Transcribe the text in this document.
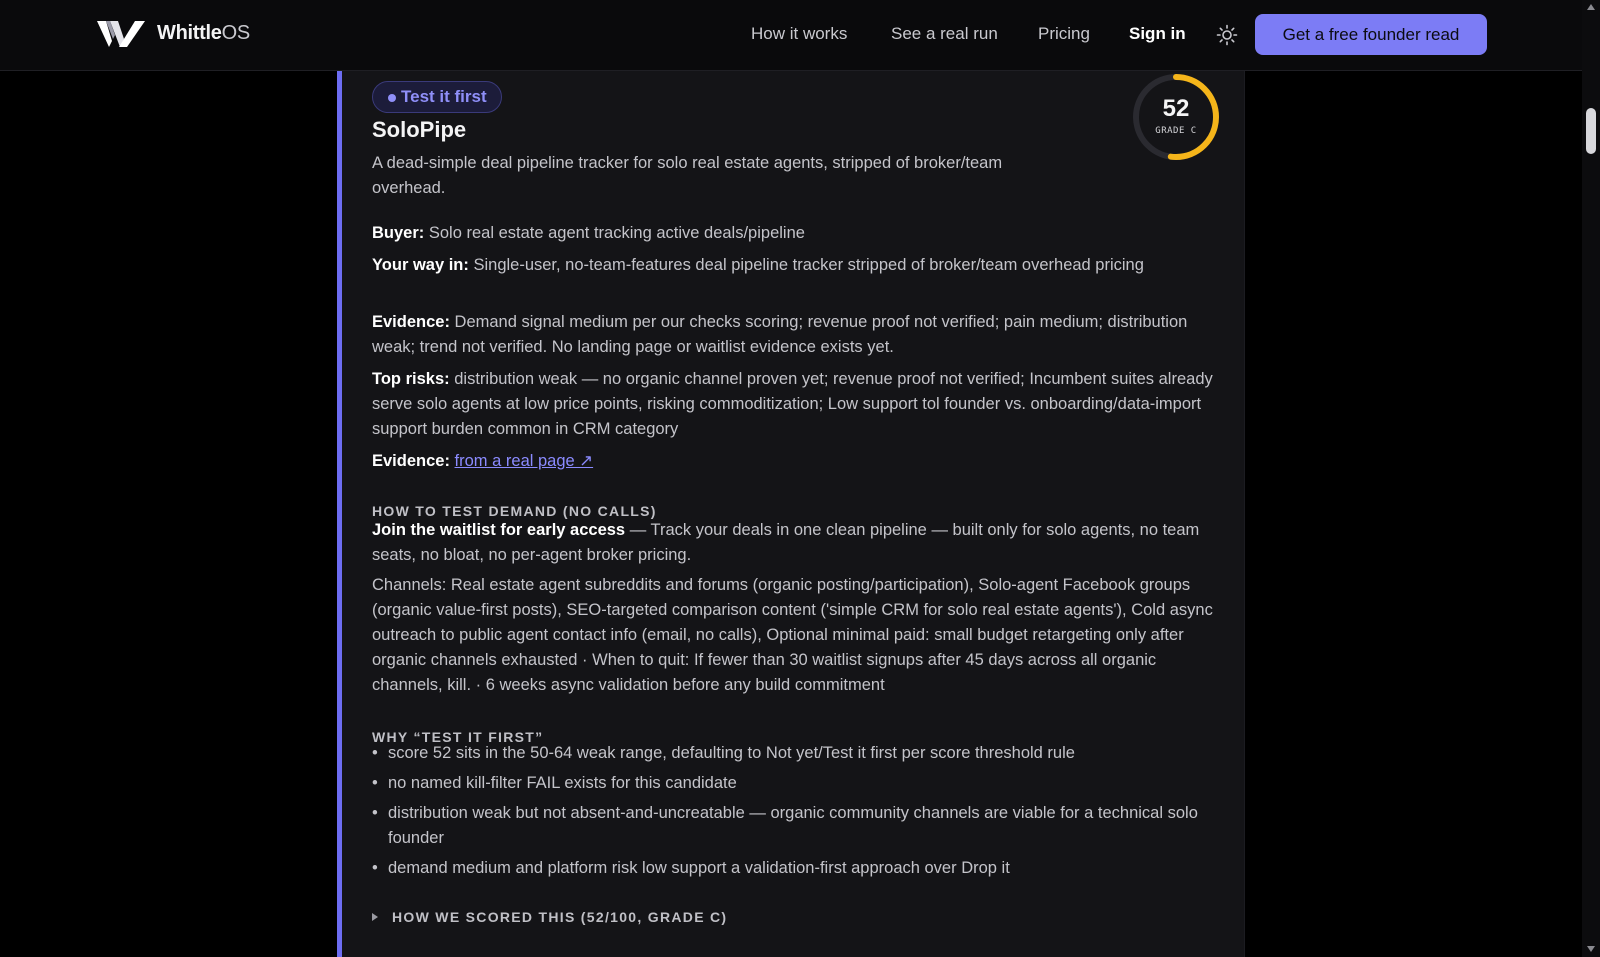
WhittleOS	How it works	See a real run Pricing Sign in	Get a free founder read
Test it first	52
GRADE C
SoloPipe
A dead-simple deal pipeline tracker for solo real estate agents, stripped of broker/team overhead.
Buyer: Solo real estate agent tracking active deals/pipeline
Your way in: Single-user, no-team-features deal pipeline tracker stripped of broker/team overhead pricing
Evidence: Demand signal medium per our checks scoring; revenue proof not verified; pain medium; distribution weak; trend not verified. No landing page or waitlist evidence exists yet.
Top risks: distribution weak — no organic channel proven yet; revenue proof not verified; Incumbent suites already serve solo agents at low price points, risking commoditization; Low support tol founder vs. onboarding/data-import support burden common in CRM category
Evidence: from a real page ↗
HOW TO TEST DEMAND (NO CALLS)
Join the waitlist for early access — Track your deals in one clean pipeline — built only for solo agents, no team seats, no bloat, no per-agent broker pricing.
Channels: Real estate agent subreddits and forums (organic posting/participation), Solo-agent Facebook groups (organic value-first posts), SEO-targeted comparison content ('simple CRM for solo real estate agents'), Cold async outreach to public agent contact info (email, no calls), Optional minimal paid: small budget retargeting only after organic channels exhausted · When to quit: If fewer than 30 waitlist signups after 45 days across all organic channels, kill. · 6 weeks async validation before any build commitment
WHY “TEST IT FIRST”
• score 52 sits in the 50-64 weak range, defaulting to Not yet/Test it first per score threshold rule
• no named kill-filter FAIL exists for this candidate
• distribution weak but not absent-and-uncreatable — organic community channels are viable for a technical solo founder
• demand medium and platform risk low support a validation-first approach over Drop it
HOW WE SCORED THIS (52/100, GRADE C)
